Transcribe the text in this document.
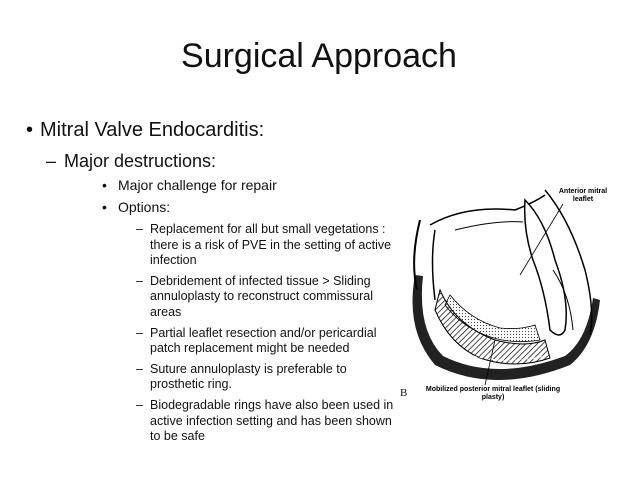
Surgical Approach
• Mitral Valve Endocarditis:
– Major destructions:
• Major challenge for repair
• Options:
– Replacement for all but small vegetations : there is a risk of PVE in the setting of active infection
– Debridement of infected tissue > Sliding annuloplasty to reconstruct commissural areas
– Partial leaflet resection and/or pericardial patch replacement might be needed
– Suture annuloplasty is preferable to prosthetic ring.
– Biodegradable rings have also been used in active infection setting and has been shown to be safe
Anterior mitral leaflet
Mobilized posterior mitral leaflet (sliding plasty)
B
